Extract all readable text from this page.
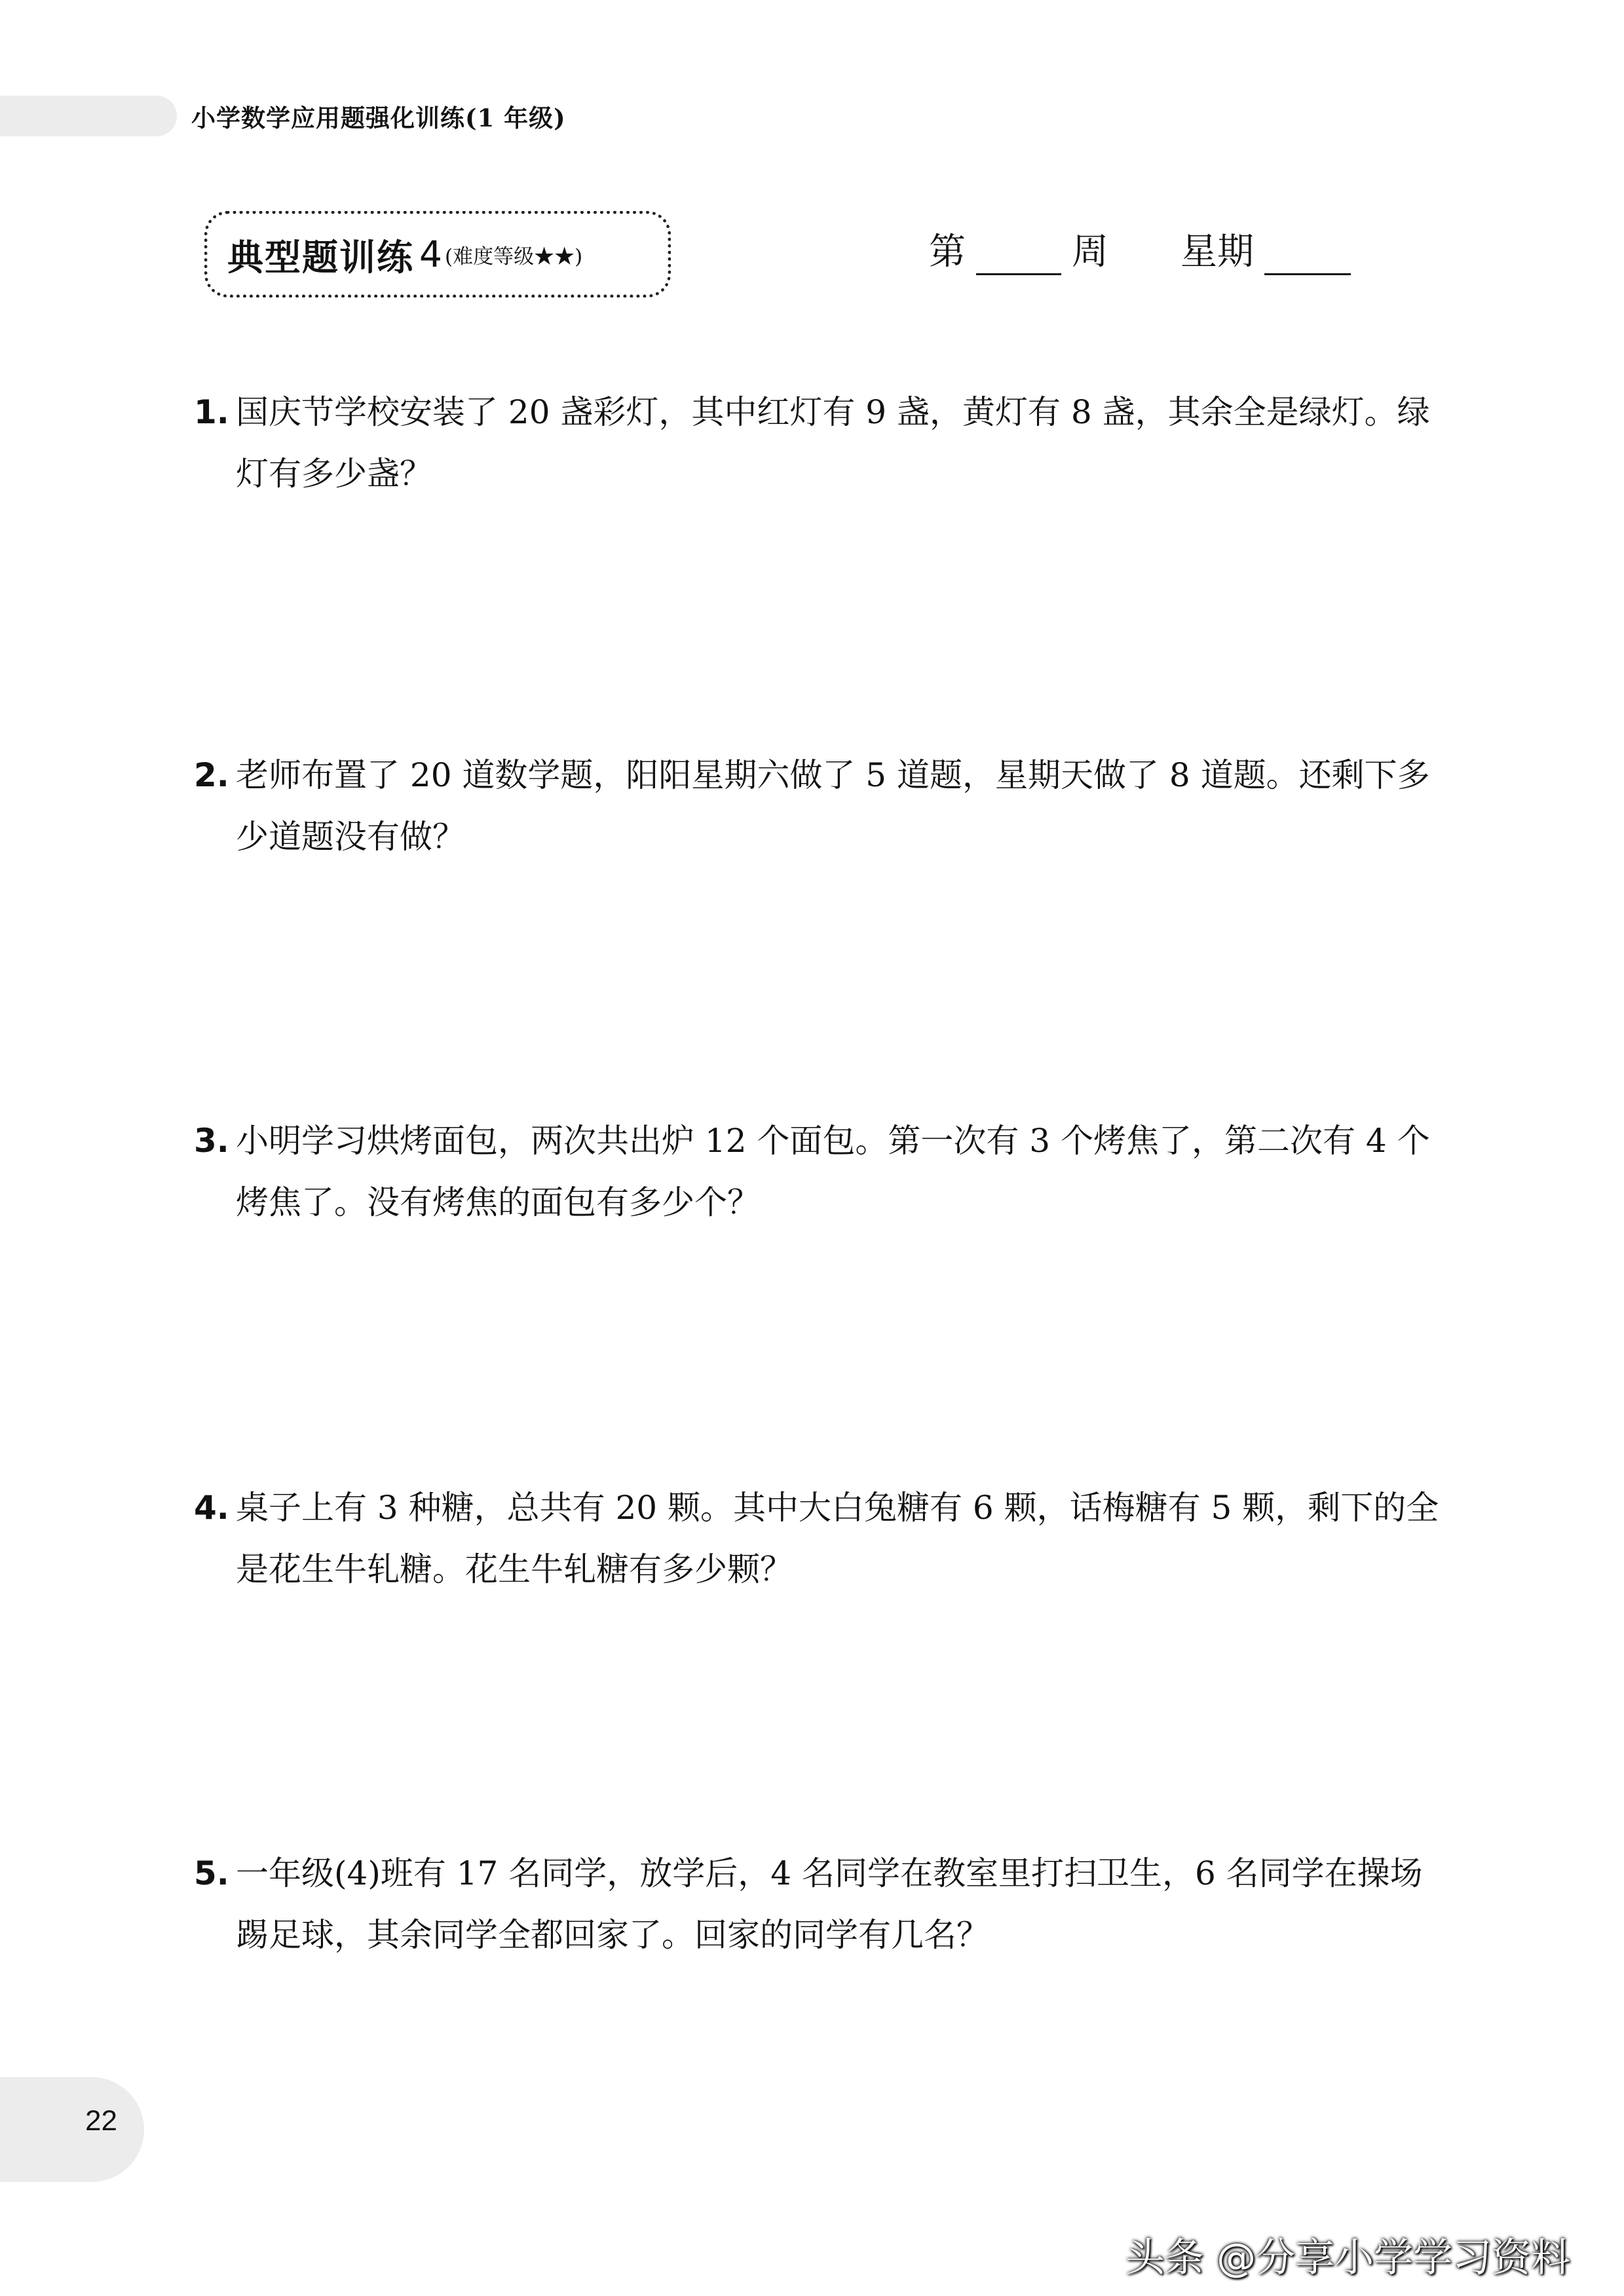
小学数学应用题强化训练(1 年级)
典型题训练 4 (难度等级★★)	第	周 星期
1. 国庆节学校安装了 20 盏彩灯，其中红灯有 9 盏，黄灯有 8 盏，其余全是绿灯。绿灯有多少盏？
2. 老师布置了 20 道数学题，阳阳星期六做了 5 道题，星期天做了 8 道题。还剩下多少道题没有做？
3. 小明学习烘烤面包，两次共出炉 12 个面包。第一次有 3 个烤焦了，第二次有 4 个烤焦了。没有烤焦的面包有多少个？
4. 桌子上有 3 种糖，总共有 20 颗。其中大白兔糖有 6 颗，话梅糖有 5 颗，剩下的全是花生牛轧糖。花生牛轧糖有多少颗？
5. 一年级(4)班有 17 名同学，放学后，4 名同学在教室里打扫卫生，6 名同学在操场踢足球，其余同学全都回家了。回家的同学有几名？
22
头条 @分享小学学习资料
